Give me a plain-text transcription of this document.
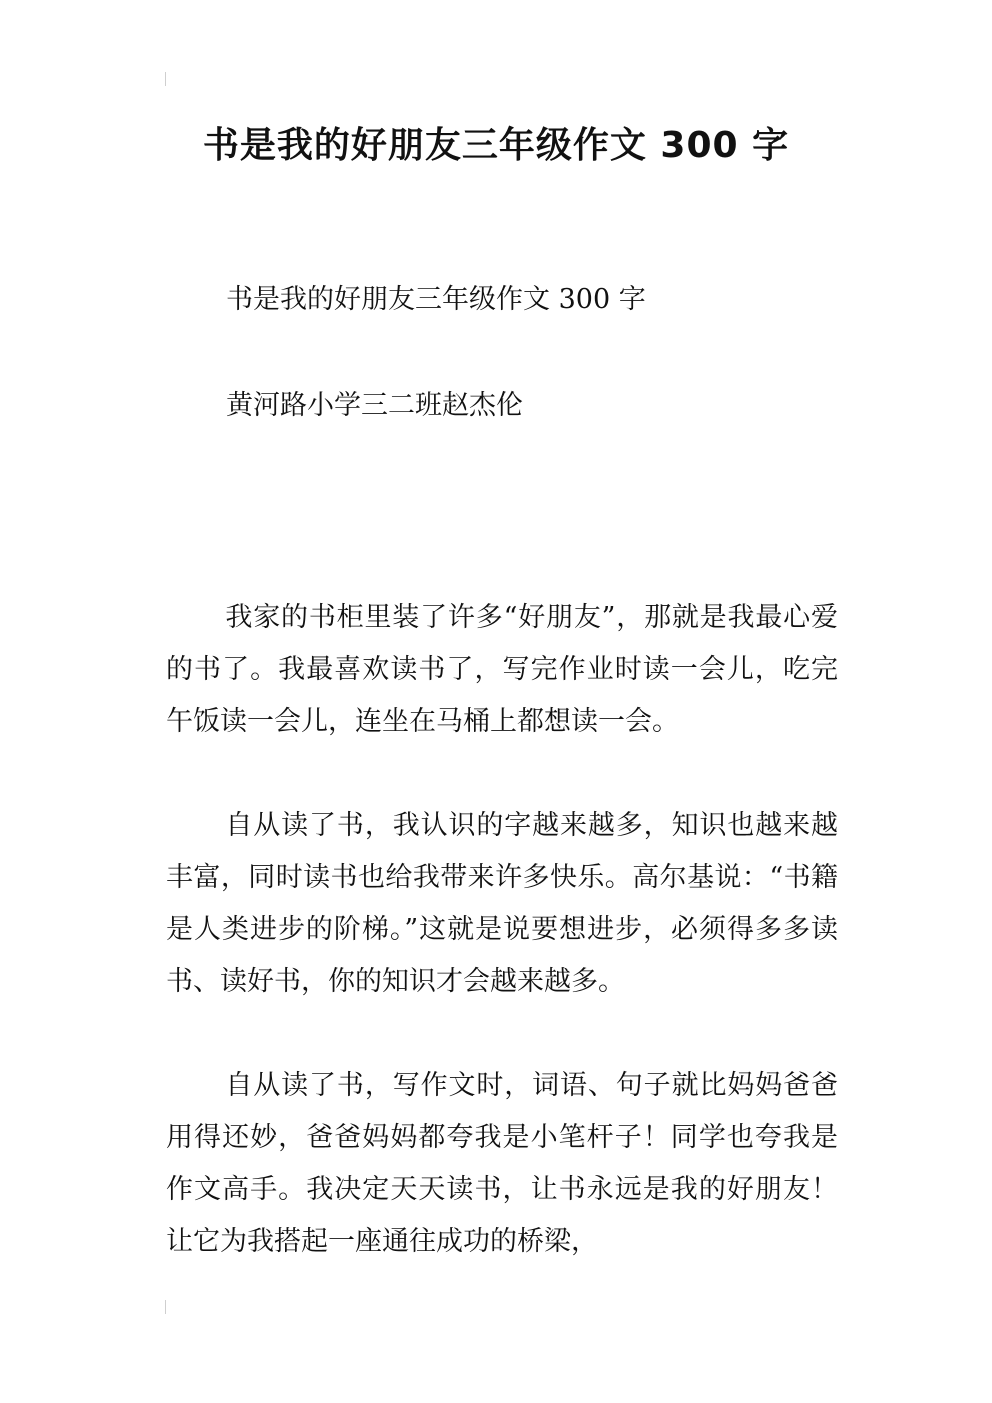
书是我的好朋友三年级作文 300 字
书是我的好朋友三年级作文 300 字
黄河路小学三二班赵杰伦

我家的书柜里装了许多“好朋友”，那就是我最心爱的书了。我最喜欢读书了，写完作业时读一会儿，吃完午饭读一会儿，连坐在马桶上都想读一会。

自从读了书，我认识的字越来越多，知识也越来越丰富，同时读书也给我带来许多快乐。高尔基说：“书籍是人类进步的阶梯。”这就是说要想进步，必须得多多读书、读好书，你的知识才会越来越多。

自从读了书，写作文时，词语、句子就比妈妈爸爸用得还妙，爸爸妈妈都夸我是小笔杆子！同学也夸我是作文高手。我决定天天读书，让书永远是我的好朋友！让它为我搭起一座通往成功的桥梁，
